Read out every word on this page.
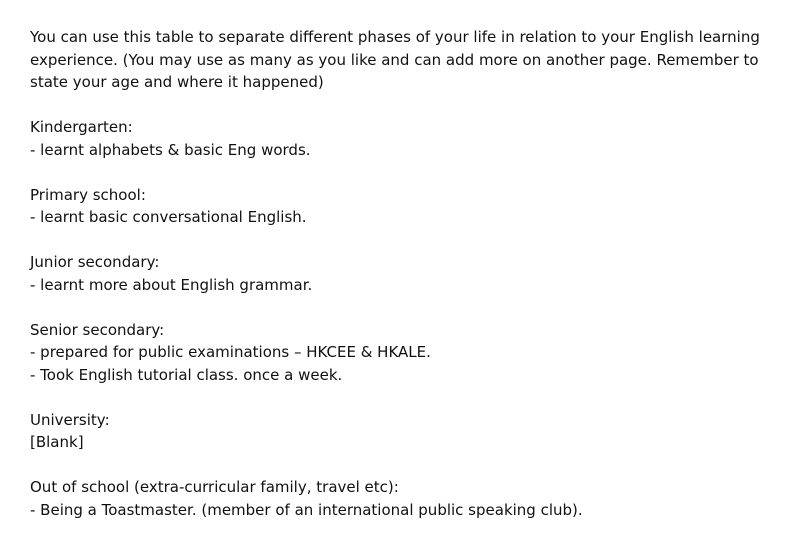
You can use this table to separate different phases of your life in relation to your English learning experience. (You may use as many as you like and can add more on another page. Remember to state your age and where it happened)

Kindergarten:
- learnt alphabets & basic Eng words.
Primary school:
- learnt basic conversational English.
Junior secondary:
- learnt more about English grammar.
Senior secondary:
- prepared for public examinations – HKCEE & HKALE.
- Took English tutorial class. once a week.
University:
[Blank]
Out of school (extra-curricular family, travel etc):
- Being a Toastmaster. (member of an international public speaking club).
